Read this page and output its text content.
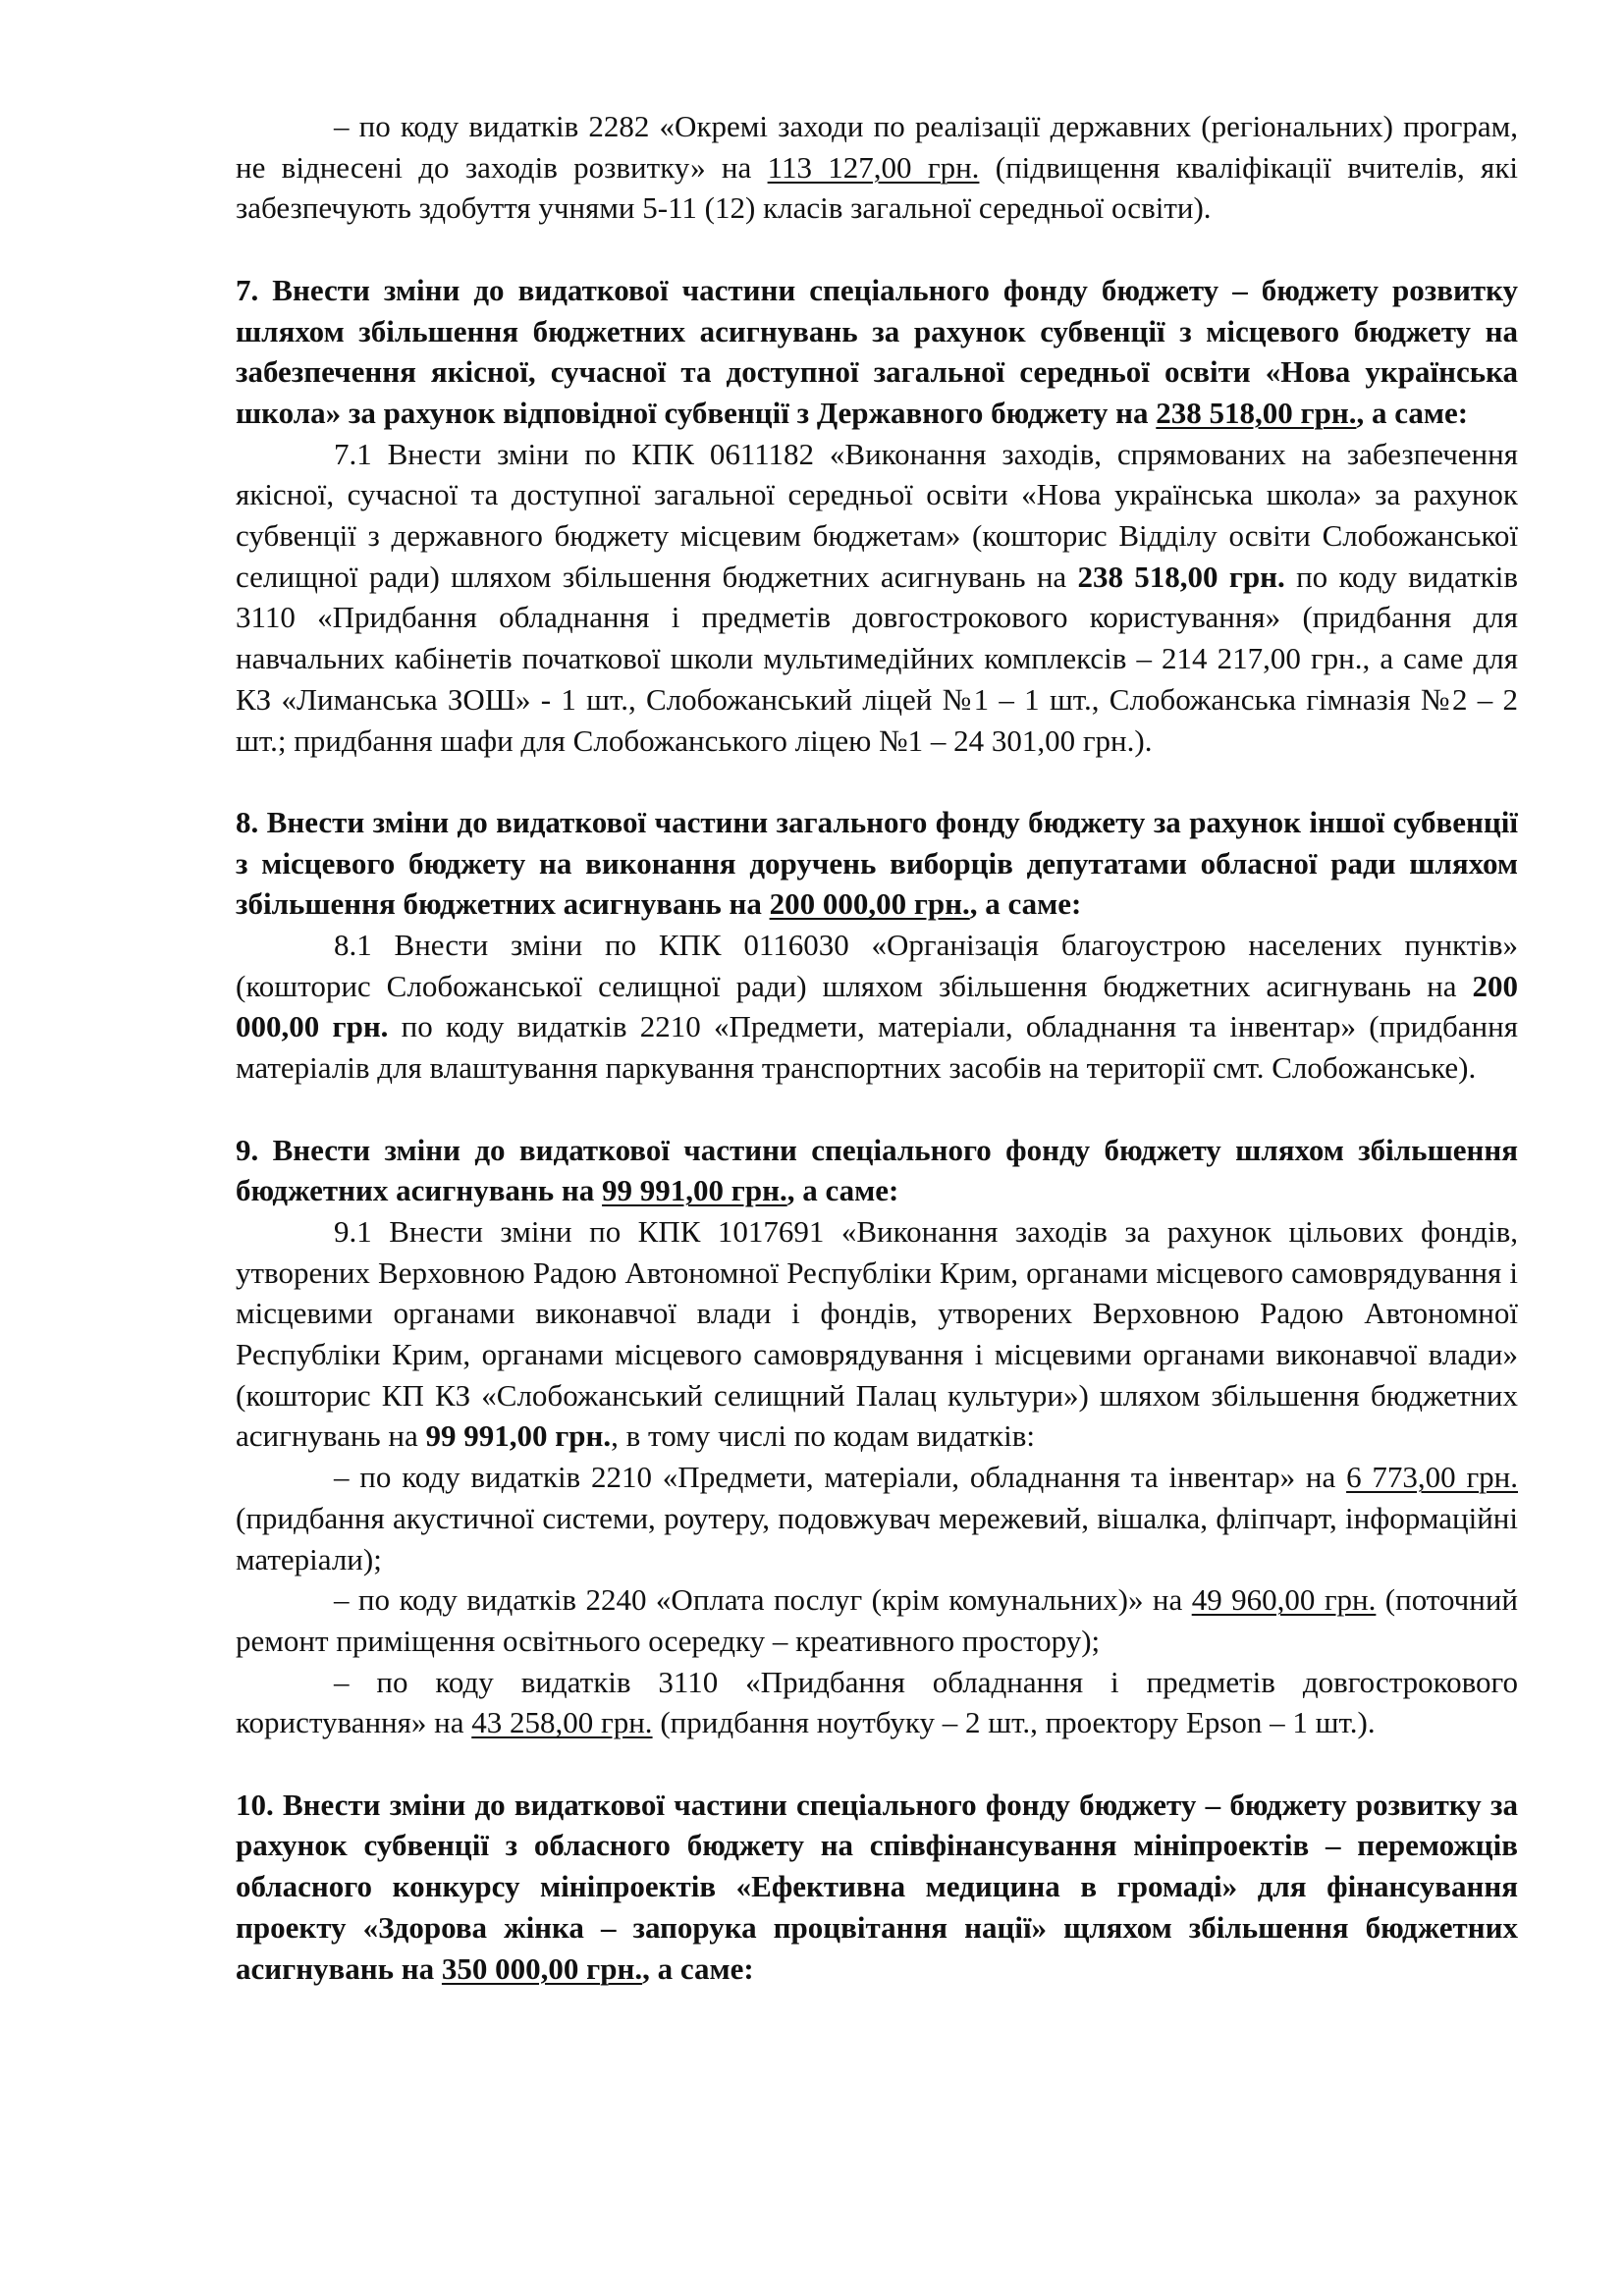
– по коду видатків 2282 «Окремі заходи по реалізації державних (регіональних) програм, не віднесені до заходів розвитку» на 113 127,00 грн. (підвищення кваліфікації вчителів, які забезпечують здобуття учнями 5-11 (12) класів загальної середньої освіти).

7. Внести зміни до видаткової частини спеціального фонду бюджету – бюджету розвитку шляхом збільшення бюджетних асигнувань за рахунок субвенції з місцевого бюджету на забезпечення якісної, сучасної та доступної загальної середньої освіти «Нова українська школа» за рахунок відповідної субвенції з Державного бюджету на 238 518,00 грн., а саме:

7.1 Внести зміни по КПК 0611182 «Виконання заходів, спрямованих на забезпечення якісної, сучасної та доступної загальної середньої освіти «Нова українська школа» за рахунок субвенції з державного бюджету місцевим бюджетам» (кошторис Відділу освіти Слобожанської селищної ради) шляхом збільшення бюджетних асигнувань на 238 518,00 грн. по коду видатків 3110 «Придбання обладнання і предметів довгострокового користування» (придбання для навчальних кабінетів початкової школи мультимедійних комплексів – 214 217,00 грн., а саме для КЗ «Лиманська ЗОШ» - 1 шт., Слобожанський ліцей №1 – 1 шт., Слобожанська гімназія №2 – 2 шт.; придбання шафи для Слобожанського ліцею №1 – 24 301,00 грн.).

8. Внести зміни до видаткової частини загального фонду бюджету за рахунок іншої субвенції з місцевого бюджету на виконання доручень виборців депутатами обласної ради шляхом збільшення бюджетних асигнувань на 200 000,00 грн., а саме:

8.1 Внести зміни по КПК 0116030 «Організація благоустрою населених пунктів» (кошторис Слобожанської селищної ради) шляхом збільшення бюджетних асигнувань на 200 000,00 грн. по коду видатків 2210 «Предмети, матеріали, обладнання та інвентар» (придбання матеріалів для влаштування паркування транспортних засобів на території смт. Слобожанське).

9. Внести зміни до видаткової частини спеціального фонду бюджету шляхом збільшення бюджетних асигнувань на 99 991,00 грн., а саме:

9.1 Внести зміни по КПК 1017691 «Виконання заходів за рахунок цільових фондів, утворених Верховною Радою Автономної Республіки Крим, органами місцевого самоврядування і місцевими органами виконавчої влади і фондів, утворених Верховною Радою Автономної Республіки Крим, органами місцевого самоврядування і місцевими органами виконавчої влади» (кошторис КП КЗ «Слобожанський селищний Палац культури») шляхом збільшення бюджетних асигнувань на 99 991,00 грн., в тому числі по кодам видатків:

– по коду видатків 2210 «Предмети, матеріали, обладнання та інвентар» на 6 773,00 грн. (придбання акустичної системи, роутеру, подовжувач мережевий, вішалка, фліпчарт, інформаційні матеріали);

– по коду видатків 2240 «Оплата послуг (крім комунальних)» на 49 960,00 грн. (поточний ремонт приміщення освітнього осередку – креативного простору);

– по коду видатків 3110 «Придбання обладнання і предметів довгострокового користування» на 43 258,00 грн. (придбання ноутбуку – 2 шт., проектору Epson – 1 шт.).

10. Внести зміни до видаткової частини спеціального фонду бюджету – бюджету розвитку за рахунок субвенції з обласного бюджету на співфінансування мініпроектів – переможців обласного конкурсу мініпроектів «Ефективна медицина в громаді» для фінансування проекту «Здорова жінка – запорука процвітання нації» щляхом збільшення бюджетних асигнувань на 350 000,00 грн., а саме:
